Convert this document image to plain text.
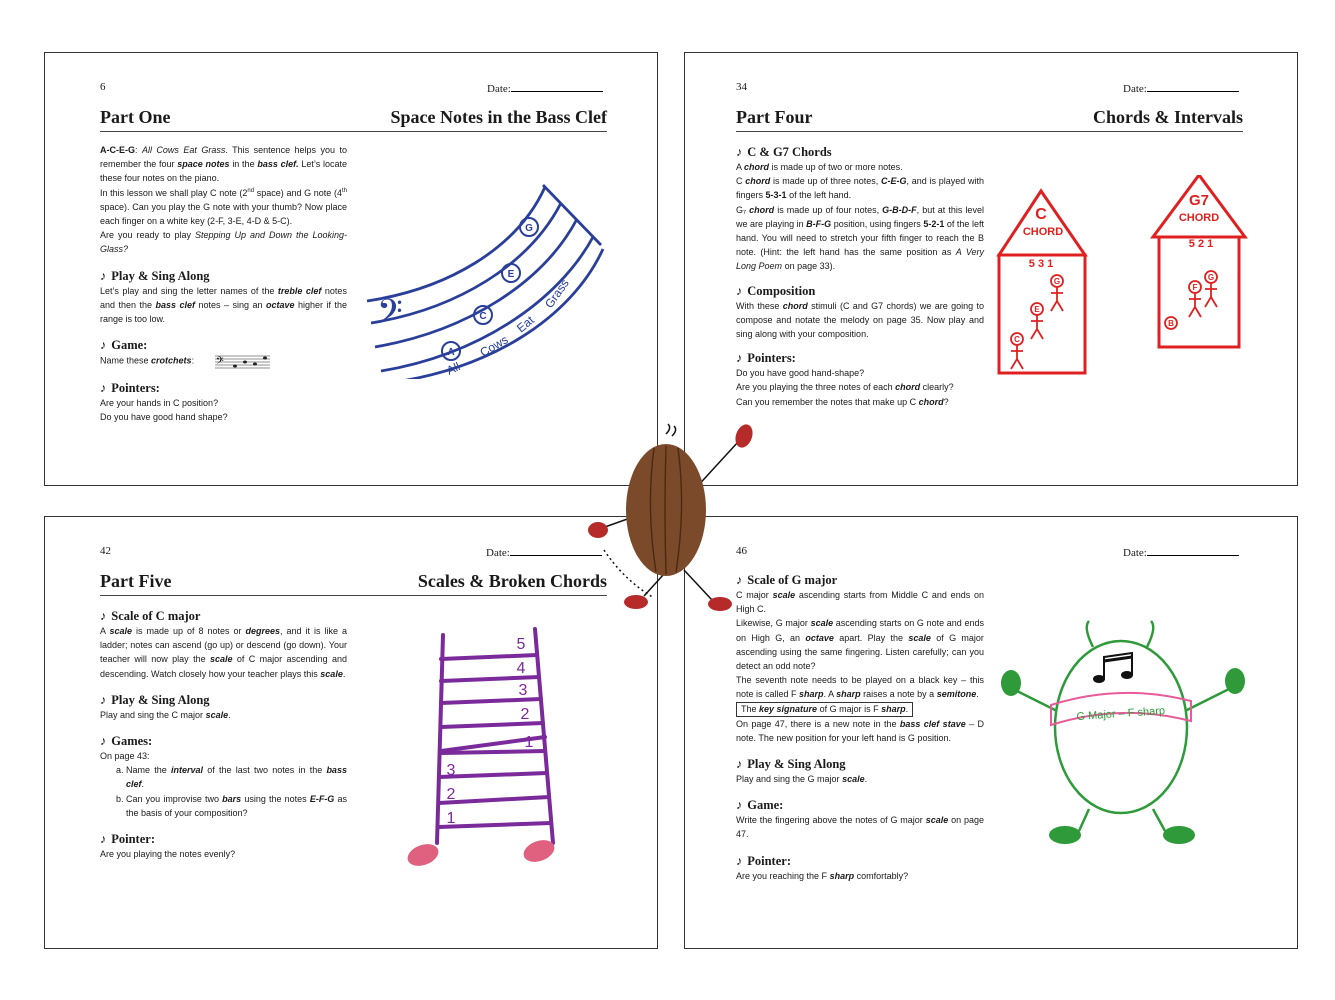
6	Date:
Part One	Space Notes in the Bass Clef

A-C-E-G: All Cows Eat Grass. This sentence helps you to remember the four space notes in the bass clef. Let’s locate these four notes on the piano.

In this lesson we shall play C note (2nd space) and G note (4th space). Can you play the G note with your thumb? Now place each finger on a white key (2-F, 3-E, 4-D & 5-C).

Are you ready to play Stepping Up and Down the Looking-Glass?

♪ Play & Sing Along

Let’s play and sing the letter names of the treble clef notes and then the bass clef notes – sing an octave higher if the range is too low.

♪ Game:

Name these crotchets: 𝄢

♪ Pointers:

Are your hands in C position?

Do you have good hand shape?

𝄢
A
C
E
G
All
Cows
Eat
Grass
34	Date:
Part Four	Chords & Intervals

♪ C & G7 Chords

A chord is made up of two or more notes.

C chord is made up of three notes, C-E-G, and is played with fingers 5-3-1 of the left hand.

G₇ chord is made up of four notes, G-B-D-F, but at this level we are playing in B-F-G position, using fingers 5-2-1 of the left hand. You will need to stretch your fifth finger to reach the B note. (Hint: the left hand has the same position as A Very Long Poem on page 33).

♪ Composition

With these chord stimuli (C and G7 chords) we are going to compose and notate the melody on page 35. Now play and sing along with your composition.

♪ Pointers:

Do you have good hand-shape?

Are you playing the three notes of each chord clearly?

Can you remember the notes that make up C chord?

C
CHORD
5 3 1
G7
CHORD
5 2 1
G
E
C
G
F
B
42	Date:
Part Five	Scales & Broken Chords

♪ Scale of C major

A scale is made up of 8 notes or degrees, and it is like a ladder; notes can ascend (go up) or descend (go down). Your teacher will now play the scale of C major ascending and descending. Watch closely how your teacher plays this scale.

♪ Play & Sing Along

Play and sing the C major scale.

♪ Games:

On page 43:

a. Name the interval of the last two notes in the bass clef.
b. Can you improvise two bars using the notes E-F-G as the basis of your composition?

♪ Pointer:

Are you playing the notes evenly?

5
4
3
2
1
3
2
1
46	Date:

♪ Scale of G major

C major scale ascending starts from Middle C and ends on High C.

Likewise, G major scale ascending starts on G note and ends on High G, an octave apart. Play the scale of G major ascending using the same fingering. Listen carefully; can you detect an odd note?

The seventh note needs to be played on a black key – this note is called F sharp. A sharp raises a note by a semitone.

The key signature of G major is F sharp.

On page 47, there is a new note in the bass clef stave – D note. The new position for your left hand is G position.

♪ Play & Sing Along

Play and sing the G major scale.

♪ Game:

Write the fingering above the notes of G major scale on page 47.

♪ Pointer:

Are you reaching the F sharp comfortably?

G Major – F sharp
